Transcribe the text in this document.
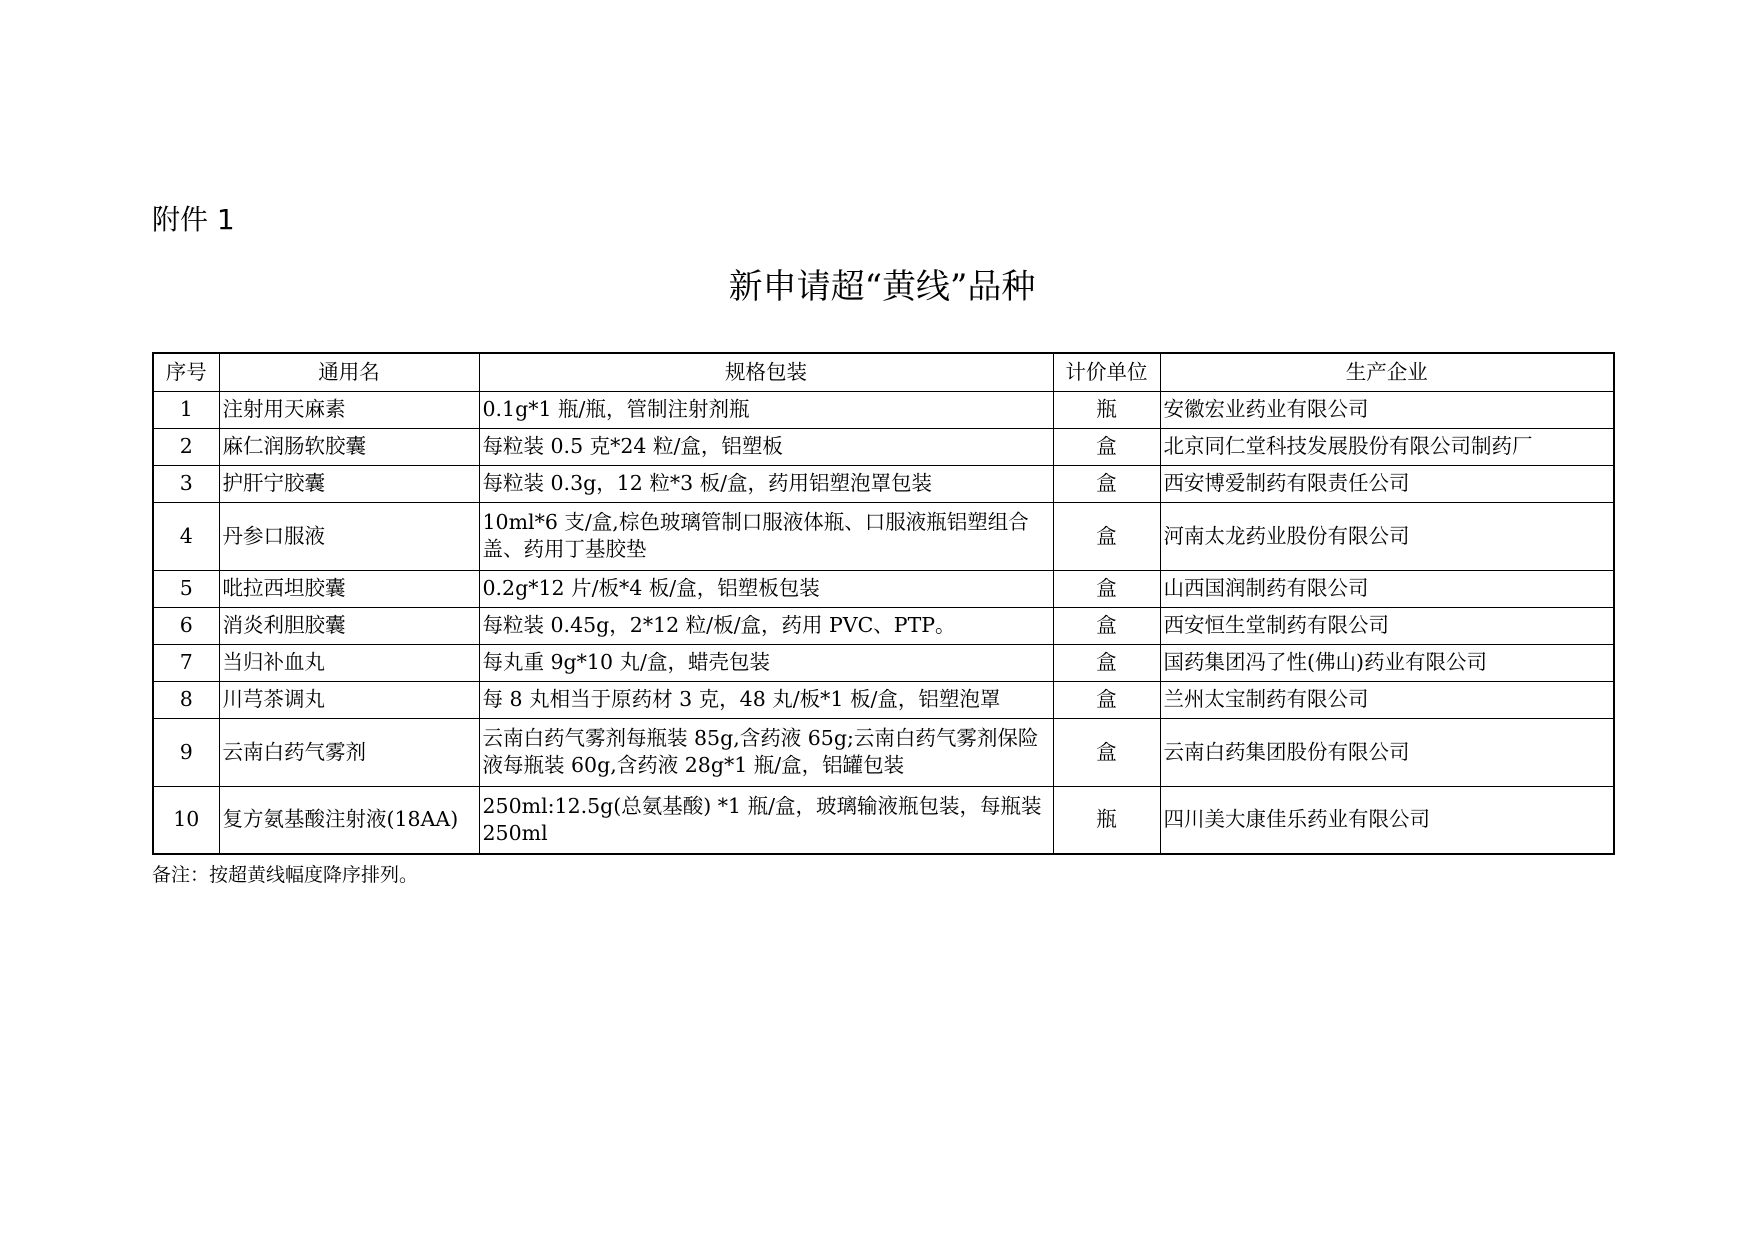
附件 1
新申请超“黄线”品种
序号	通用名	规格包装	计价单位	生产企业
1	注射用天麻素	0.1g*1 瓶/瓶，管制注射剂瓶	瓶	安徽宏业药业有限公司
2	麻仁润肠软胶囊	每粒装 0.5 克*24 粒/盒，铝塑板	盒	北京同仁堂科技发展股份有限公司制药厂
3	护肝宁胶囊	每粒装 0.3g，12 粒*3 板/盒，药用铝塑泡罩包装	盒	西安博爱制药有限责任公司
4	丹参口服液	10ml*6 支/盒,棕色玻璃管制口服液体瓶、口服液瓶铝塑组合盖、药用丁基胶垫	盒	河南太龙药业股份有限公司
5	吡拉西坦胶囊	0.2g*12 片/板*4 板/盒，铝塑板包装	盒	山西国润制药有限公司
6	消炎利胆胶囊	每粒装 0.45g，2*12 粒/板/盒，药用 PVC、PTP。	盒	西安恒生堂制药有限公司
7	当归补血丸	每丸重 9g*10 丸/盒，蜡壳包装	盒	国药集团冯了性(佛山)药业有限公司
8	川芎茶调丸	每 8 丸相当于原药材 3 克，48 丸/板*1 板/盒，铝塑泡罩	盒	兰州太宝制药有限公司
9	云南白药气雾剂	云南白药气雾剂每瓶装 85g,含药液 65g;云南白药气雾剂保险液每瓶装 60g,含药液 28g*1 瓶/盒，铝罐包装	盒	云南白药集团股份有限公司
10	复方氨基酸注射液(18AA)	250ml:12.5g(总氨基酸) *1 瓶/盒，玻璃输液瓶包装，每瓶装 250ml	瓶	四川美大康佳乐药业有限公司
备注：按超黄线幅度降序排列。
